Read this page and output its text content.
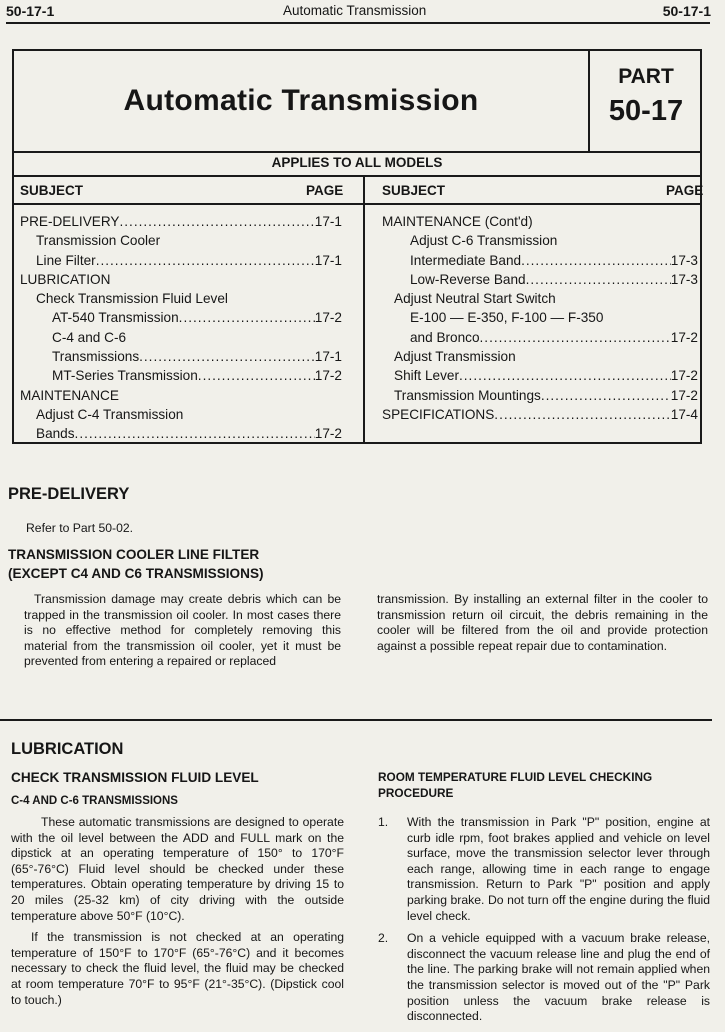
50-17-1	Automatic Transmission	50-17-1
Automatic Transmission
PART
50-17
APPLIES TO ALL MODELS
SUBJECT	PAGE	SUBJECT	PAGE
PRE-DELIVERY .....	17-1
Transmission Cooler
Line Filter .....	17-1
LUBRICATION
Check Transmission Fluid Level
AT-540 Transmission .....	17-2
C-4 and C-6
Transmissions .....	17-1
MT-Series Transmission .....	17-2
MAINTENANCE
Adjust C-4 Transmission
Bands .....	17-2
MAINTENANCE (Cont'd)
Adjust C-6 Transmission
Intermediate Band .....	17-3
Low-Reverse Band .....	17-3
Adjust Neutral Start Switch
E-100 — E-350, F-100 — F-350
and Bronco .....	17-2
Adjust Transmission
Shift Lever .....	17-2
Transmission Mountings .....	17-2
SPECIFICATIONS .....	17-4
PRE-DELIVERY
Refer to Part 50-02.
TRANSMISSION COOLER LINE FILTER
(EXCEPT C4 AND C6 TRANSMISSIONS)

Transmission damage may create debris which can be trapped in the transmission oil cooler. In most cases there is no effective method for completely removing this material from the transmission oil cooler, yet it must be prevented from entering a repaired or replaced

transmission. By installing an external filter in the cooler to transmission return oil circuit, the debris remaining in the cooler will be filtered from the oil and provide protection against a possible repeat repair due to contamination.

LUBRICATION
CHECK TRANSMISSION FLUID LEVEL
C-4 AND C-6 TRANSMISSIONS

These automatic transmissions are designed to operate with the oil level between the ADD and FULL mark on the dipstick at an operating temperature of 150° to 170°F (65°-76°C) Fluid level should be checked under these temperatures. Obtain operating temperature by driving 15 to 20 miles (25-32 km) of city driving with the outside temperature above 50°F (10°C).

If the transmission is not checked at an operating temperature of 150°F to 170°F (65°-76°C) and it becomes necessary to check the fluid level, the fluid may be checked at room temperature 70°F to 95°F (21°-35°C). (Dipstick cool to touch.)

ROOM TEMPERATURE FLUID LEVEL CHECKING
PROCEDURE
1. With the transmission in Park "P" position, engine at curb idle rpm, foot brakes applied and vehicle on level surface, move the transmission selector lever through each range, allowing time in each range to engage transmission. Return to Park "P" position and apply parking brake. Do not turn off the engine during the fluid level check.
2. On a vehicle equipped with a vacuum brake release, disconnect the vacuum release line and plug the end of the line. The parking brake will not remain applied when the transmission selector is moved out of the "P" Park position unless the vacuum brake release is disconnected.
